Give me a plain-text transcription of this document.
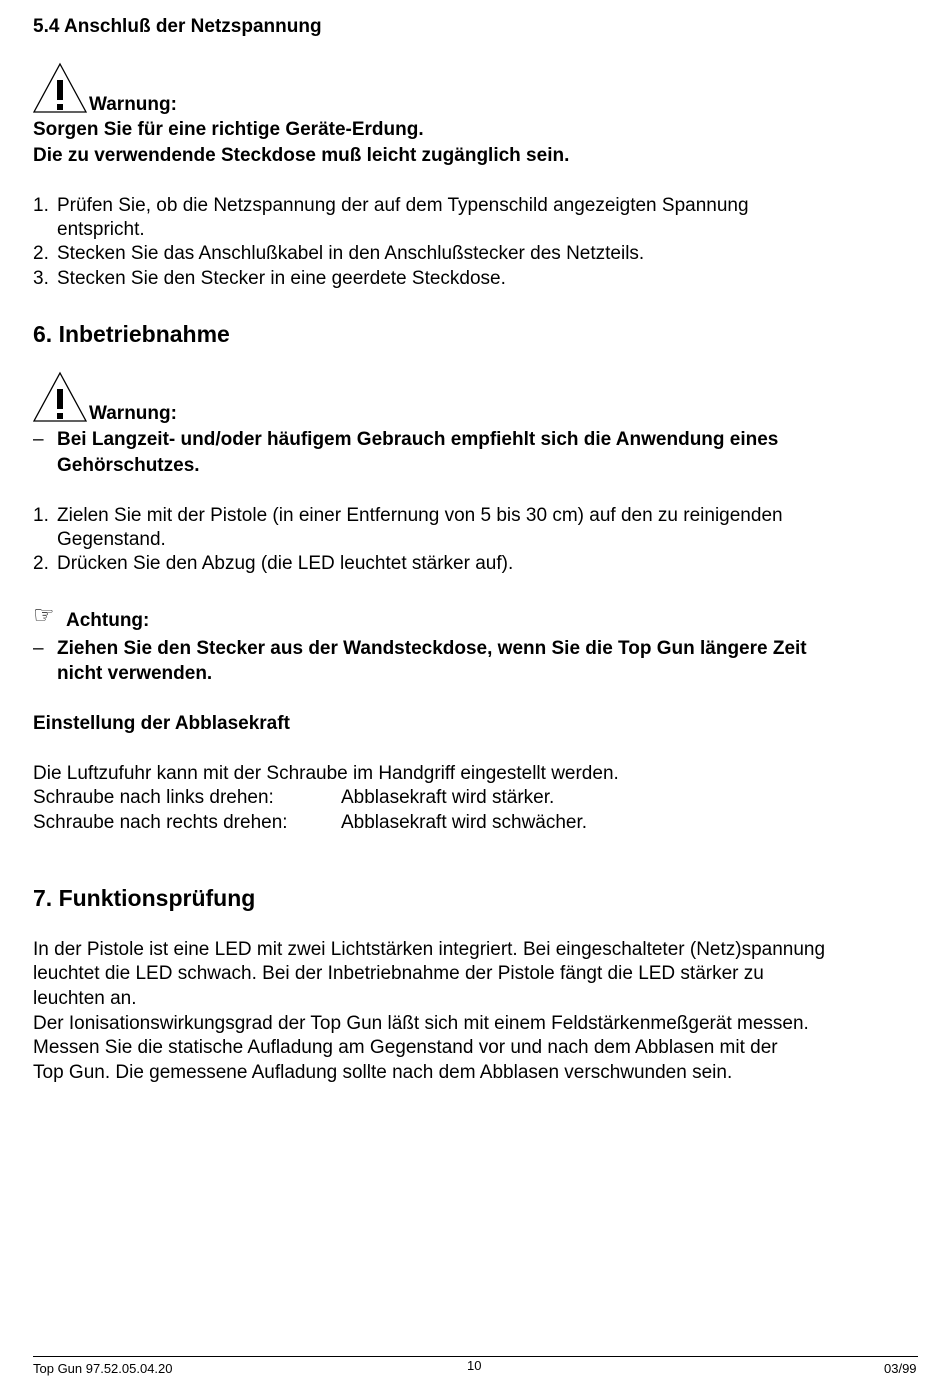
5.4 Anschluß der Netzspannung
Warnung:
Sorgen Sie für eine richtige Geräte-Erdung.
Die zu verwendende Steckdose muß leicht zugänglich sein.
1. Prüfen Sie, ob die Netzspannung der auf dem Typenschild angezeigten Spannung
entspricht.
2. Stecken Sie das Anschlußkabel in den Anschlußstecker des Netzteils.
3. Stecken Sie den Stecker in eine geerdete Steckdose.
6. Inbetriebnahme
Warnung:
– Bei Langzeit- und/oder häufigem Gebrauch empfiehlt sich die Anwendung eines
Gehörschutzes.
1. Zielen Sie mit der Pistole (in einer Entfernung von 5 bis 30 cm) auf den zu reinigenden
Gegenstand.
2. Drücken Sie den Abzug (die LED leuchtet stärker auf).
☞ Achtung:
– Ziehen Sie den Stecker aus der Wandsteckdose, wenn Sie die Top Gun längere Zeit
nicht verwenden.
Einstellung der Abblasekraft
Die Luftzufuhr kann mit der Schraube im Handgriff eingestellt werden.
Schraube nach links drehen:	Abblasekraft wird stärker.
Schraube nach rechts drehen:	Abblasekraft wird schwächer.
7. Funktionsprüfung
In der Pistole ist eine LED mit zwei Lichtstärken integriert. Bei eingeschalteter (Netz)spannung
leuchtet die LED schwach. Bei der Inbetriebnahme der Pistole fängt die LED stärker zu
leuchten an.
Der Ionisationswirkungsgrad der Top Gun läßt sich mit einem Feldstärkenmeßgerät messen.
Messen Sie die statische Aufladung am Gegenstand vor und nach dem Abblasen mit der
Top Gun. Die gemessene Aufladung sollte nach dem Abblasen verschwunden sein.
Top Gun 97.52.05.04.20	10	03/99
